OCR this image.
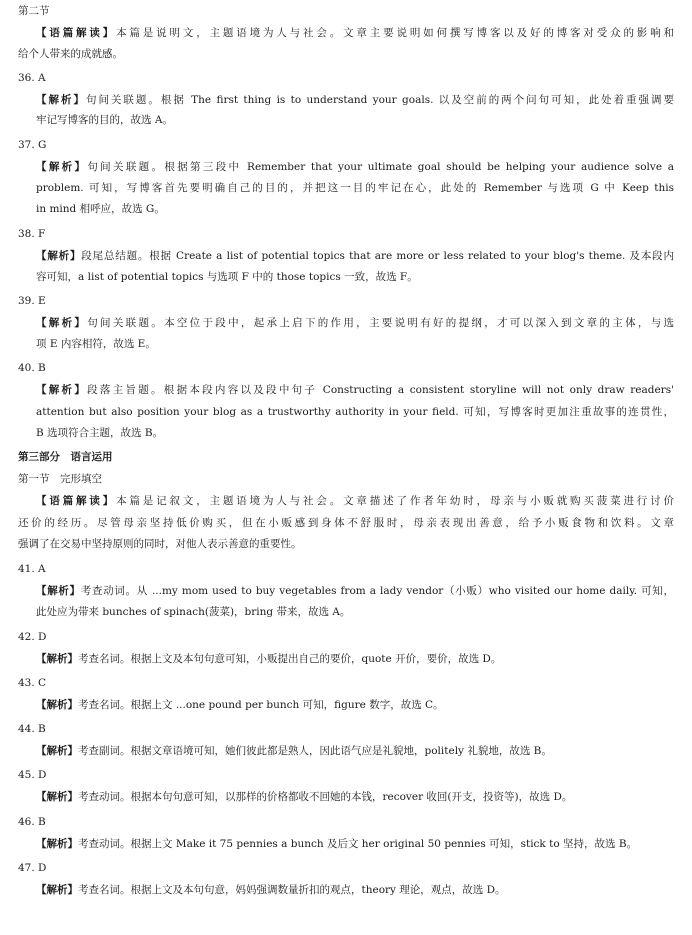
第二节
【语篇解读】本篇是说明文，主题语境为人与社会。文章主要说明如何撰写博客以及好的博客对受众的影响和
给个人带来的成就感。
36. A
【解析】句间关联题。根据 The first thing is to understand your goals. 以及空前的两个问句可知，此处着重强调要
牢记写博客的目的，故选 A。
37. G
【解析】句间关联题。根据第三段中 Remember that your ultimate goal should be helping your audience solve a
problem. 可知，写博客首先要明确自己的目的，并把这一目的牢记在心，此处的 Remember 与选项 G 中 Keep this
in mind 相呼应，故选 G。
38. F
【解析】段尾总结题。根据 Create a list of potential topics that are more or less related to your blog's theme. 及本段内
容可知，a list of potential topics 与选项 F 中的 those topics 一致，故选 F。
39. E
【解析】句间关联题。本空位于段中，起承上启下的作用，主要说明有好的提纲，才可以深入到文章的主体，与选
项 E 内容相符，故选 E。
40. B
【解析】段落主旨题。根据本段内容以及段中句子 Constructing a consistent storyline will not only draw readers'
attention but also position your blog as a trustworthy authority in your field. 可知，写博客时更加注重故事的连贯性，
B 选项符合主题，故选 B。
第三部分　语言运用
第一节　完形填空
【语篇解读】本篇是记叙文，主题语境为人与社会。文章描述了作者年幼时，母亲与小贩就购买菠菜进行讨价
还价的经历。尽管母亲坚持低价购买，但在小贩感到身体不舒服时，母亲表现出善意，给予小贩食物和饮料。文章
强调了在交易中坚持原则的同时，对他人表示善意的重要性。
41. A
【解析】考查动词。从 ...my mom used to buy vegetables from a lady vendor（小贩）who visited our home daily. 可知，
此处应为带来 bunches of spinach(菠菜)，bring 带来，故选 A。
42. D
【解析】考查名词。根据上文及本句句意可知，小贩提出自己的要价，quote 开价，要价，故选 D。
43. C
【解析】考查名词。根据上文 ...one pound per bunch 可知，figure 数字，故选 C。
44. B
【解析】考查副词。根据文章语境可知，她们彼此都是熟人，因此语气应是礼貌地，politely 礼貌地，故选 B。
45. D
【解析】考查动词。根据本句句意可知，以那样的价格都收不回她的本钱，recover 收回(开支，投资等)，故选 D。
46. B
【解析】考查动词。根据上文 Make it 75 pennies a bunch 及后文 her original 50 pennies 可知，stick to 坚持，故选 B。
47. D
【解析】考查名词。根据上文及本句句意，妈妈强调数量折扣的观点，theory 理论，观点，故选 D。
